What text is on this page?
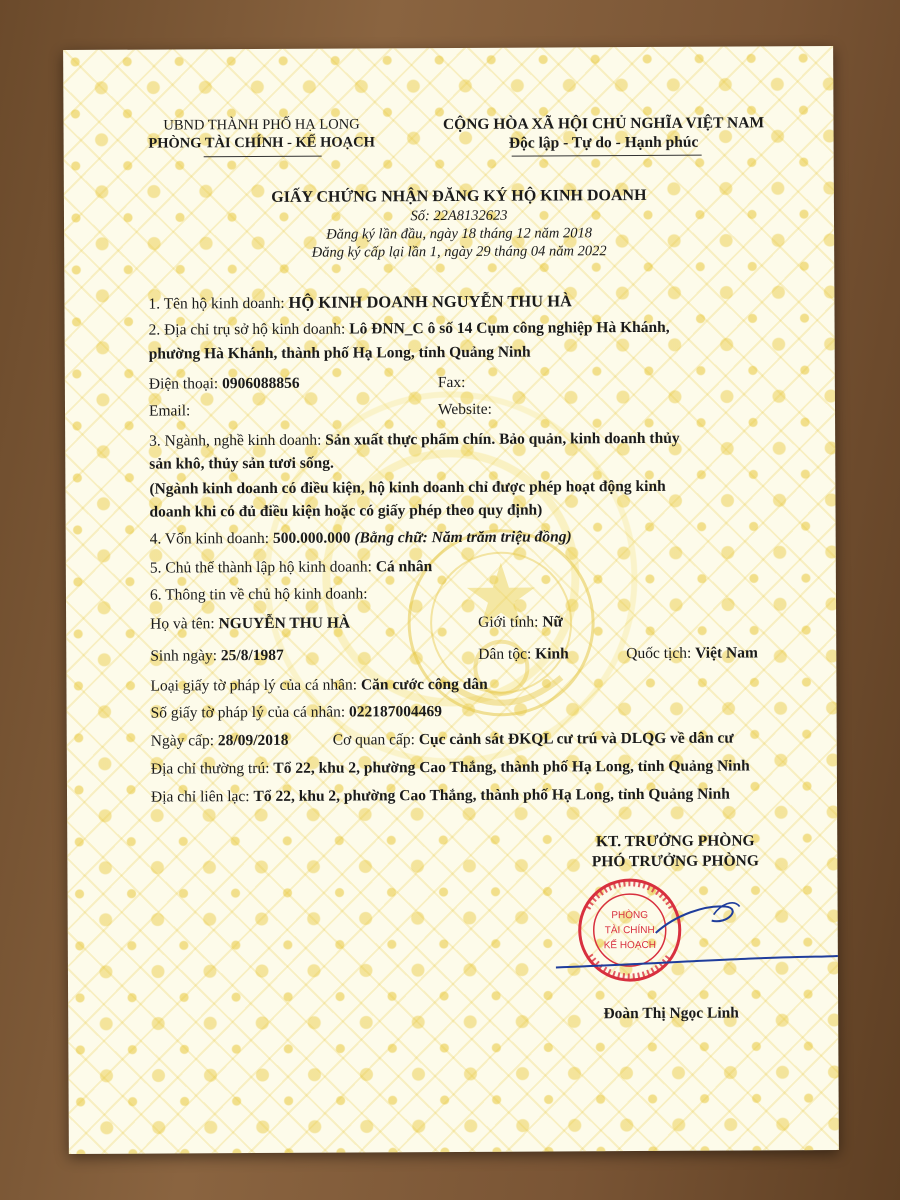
UBND THÀNH PHỐ HẠ LONG
PHÒNG TÀI CHÍNH - KẾ HOẠCH
CỘNG HÒA XÃ HỘI CHỦ NGHĨA VIỆT NAM
Độc lập - Tự do - Hạnh phúc
GIẤY CHỨNG NHẬN ĐĂNG KÝ HỘ KINH DOANH
Số: 22A8132623
Đăng ký lần đầu, ngày 18 tháng 12 năm 2018
Đăng ký cấp lại lần 1, ngày 29 tháng 04 năm 2022
1. Tên hộ kinh doanh: HỘ KINH DOANH NGUYỄN THU HÀ
2. Địa chỉ trụ sở hộ kinh doanh: Lô ĐNN_C ô số 14 Cụm công nghiệp Hà Khánh,
phường Hà Khánh, thành phố Hạ Long, tỉnh Quảng Ninh
Điện thoại: 0906088856	Fax:
Email:	Website:
3. Ngành, nghề kinh doanh: Sản xuất thực phẩm chín. Bảo quản, kinh doanh thủy
sản khô, thủy sản tươi sống.
(Ngành kinh doanh có điều kiện, hộ kinh doanh chỉ được phép hoạt động kinh
doanh khi có đủ điều kiện hoặc có giấy phép theo quy định)
4. Vốn kinh doanh: 500.000.000 (Bằng chữ: Năm trăm triệu đồng)
5. Chủ thể thành lập hộ kinh doanh: Cá nhân
6. Thông tin về chủ hộ kinh doanh:
Họ và tên: NGUYỄN THU HÀ	Giới tính: Nữ
Sinh ngày: 25/8/1987	Dân tộc: Kinh	Quốc tịch: Việt Nam
Loại giấy tờ pháp lý của cá nhân: Căn cước công dân
Số giấy tờ pháp lý của cá nhân: 022187004469
Ngày cấp: 28/09/2018	Cơ quan cấp: Cục cảnh sát ĐKQL cư trú và DLQG về dân cư
Địa chỉ thường trú: Tổ 22, khu 2, phường Cao Thắng, thành phố Hạ Long, tỉnh Quảng Ninh
Địa chỉ liên lạc: Tổ 22, khu 2, phường Cao Thắng, thành phố Hạ Long, tỉnh Quảng Ninh
KT. TRƯỞNG PHÒNG
PHÓ TRƯỞNG PHÒNG
PHÒNG
TÀI CHÍNH
KẾ HOẠCH
Đoàn Thị Ngọc Linh
